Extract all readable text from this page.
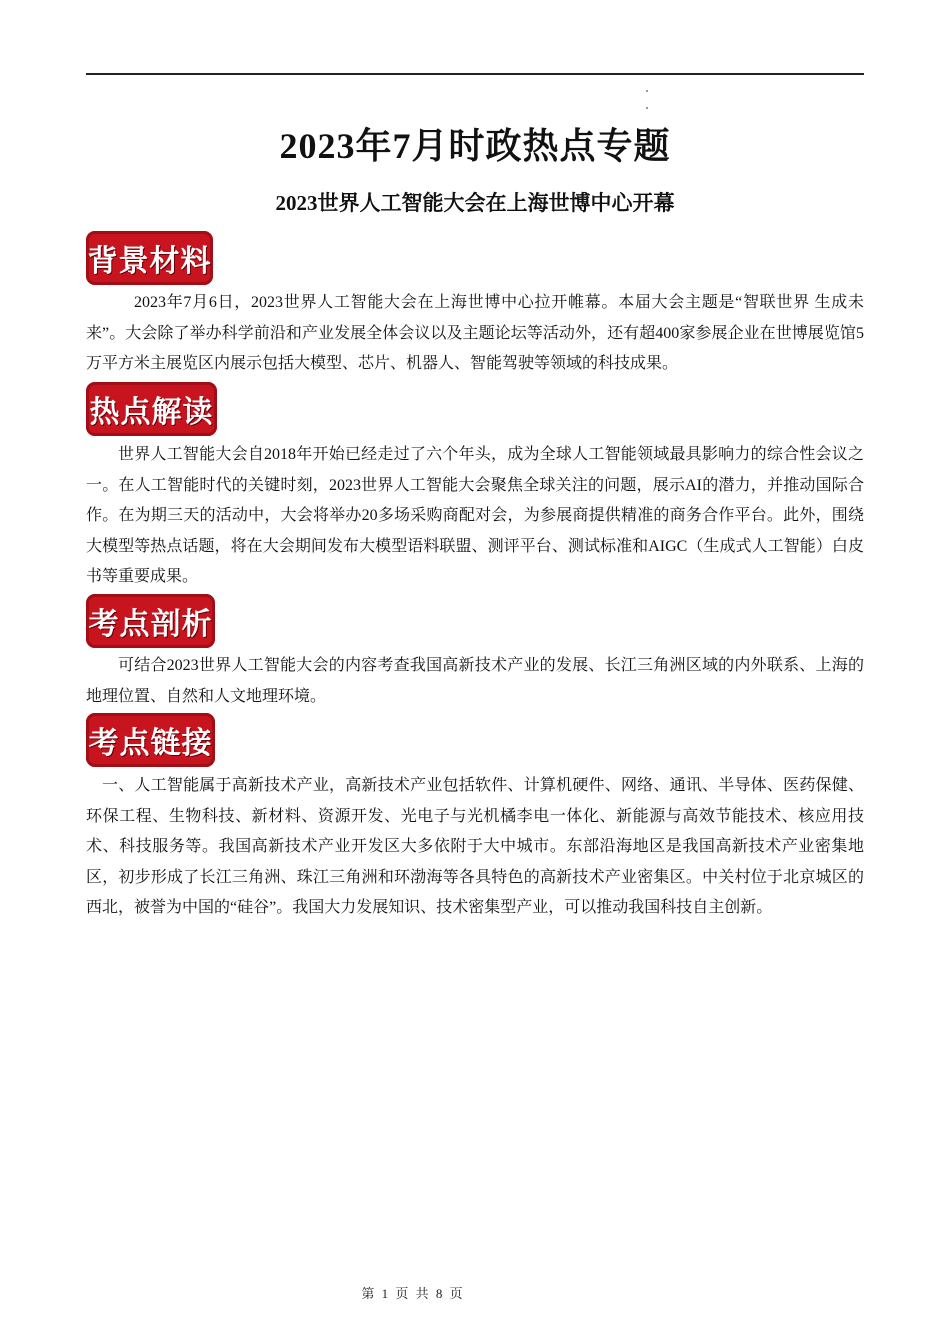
2023年7月时政热点专题
2023世界人工智能大会在上海世博中心开幕
背景材料

2023年7月6日，2023世界人工智能大会在上海世博中心拉开帷幕。本届大会主题是“智联世界 生成未来”。大会除了举办科学前沿和产业发展全体会议以及主题论坛等活动外，还有超400家参展企业在世博展览馆5万平方米主展览区内展示包括大模型、芯片、机器人、智能驾驶等领域的科技成果。

热点解读

世界人工智能大会自2018年开始已经走过了六个年头，成为全球人工智能领域最具影响力的综合性会议之一。在人工智能时代的关键时刻，2023世界人工智能大会聚焦全球关注的问题，展示AI的潜力，并推动国际合作。在为期三天的活动中，大会将举办20多场采购商配对会，为参展商提供精准的商务合作平台。此外，围绕大模型等热点话题，将在大会期间发布大模型语料联盟、测评平台、测试标准和AIGC（生成式人工智能）白皮书等重要成果。

考点剖析

可结合2023世界人工智能大会的内容考查我国高新技术产业的发展、长江三角洲区域的内外联系、上海的地理位置、自然和人文地理环境。

考点链接

一、人工智能属于高新技术产业，高新技术产业包括软件、计算机硬件、网络、通讯、半导体、医药保健、环保工程、生物科技、新材料、资源开发、光电子与光机橘李电一体化、新能源与高效节能技术、核应用技术、科技服务等。我国高新技术产业开发区大多依附于大中城市。东部沿海地区是我国高新技术产业密集地区，初步形成了长江三角洲、珠江三角洲和环渤海等各具特色的高新技术产业密集区。中关村位于北京城区的西北，被誉为中国的“硅谷”。我国大力发展知识、技术密集型产业，可以推动我国科技自主创新。

第 1 页 共 8 页
